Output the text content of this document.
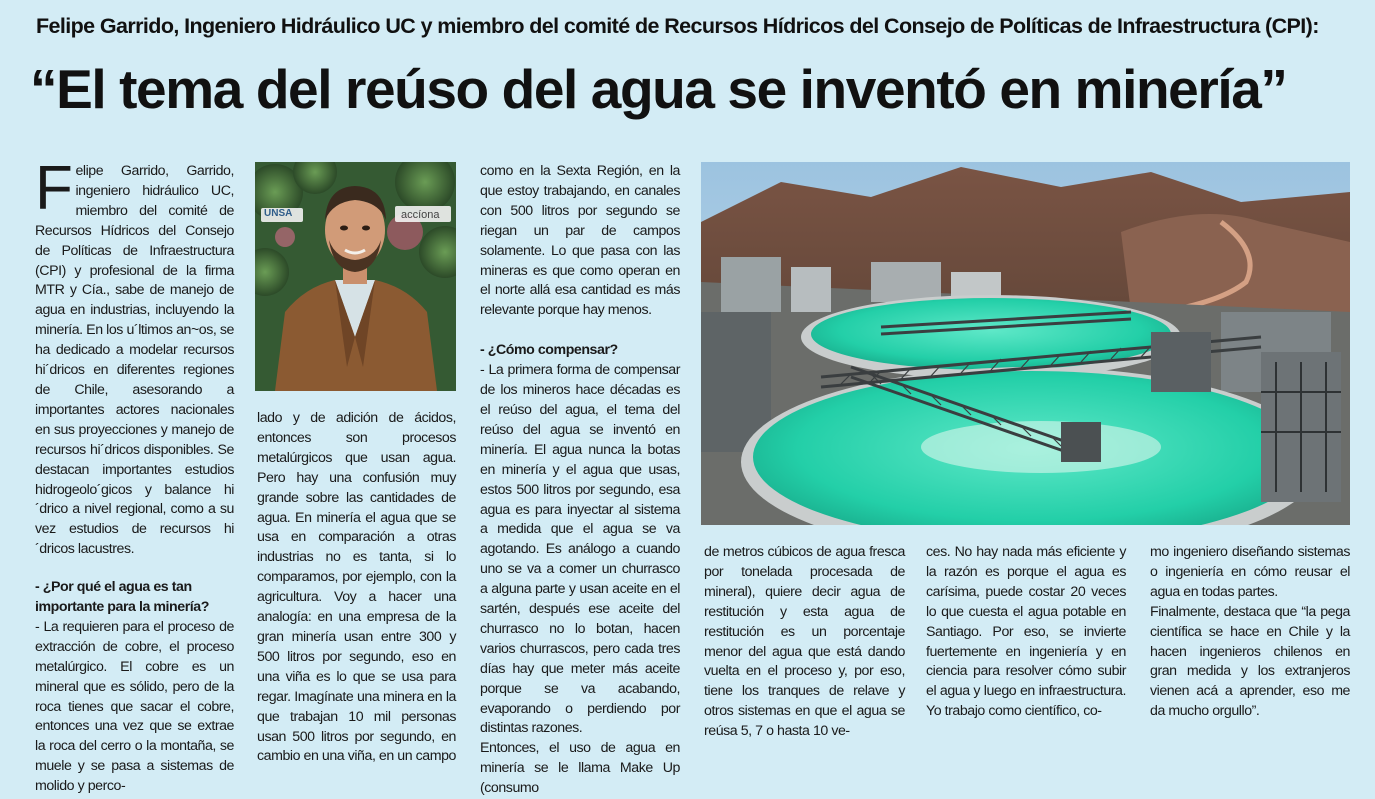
Felipe Garrido, Ingeniero Hidráulico UC y miembro del comité de Recursos Hídricos del Consejo de Políticas de Infraestructura (CPI):
“El tema del reúso del agua se inventó en minería”

Felipe Garrido, Garrido, ingeniero hidráulico UC, miembro del comité de Recursos Hídricos del Consejo de Políticas de Infraestructura (CPI) y profesional de la firma MTR y Cía., sabe de manejo de agua en industrias, incluyendo la minería. En los u´ltimos an~os, se ha dedicado a modelar recursos hi´dricos en diferentes regiones de Chile, asesorando a importantes actores nacionales en sus proyecciones y manejo de recursos hi´dricos disponibles. Se destacan importantes estudios hidrogeolo´gicos y balance hi´drico a nivel regional, como a su vez estudios de recursos hi´dricos lacustres.

- ¿Por qué el agua es tan importante para la minería?

- La requieren para el proceso de extracción de cobre, el proceso metalúrgico. El cobre es un mineral que es sólido, pero de la roca tienes que sacar el cobre, entonces una vez que se extrae la roca del cerro o la montaña, se muele y se pasa a sistemas de molido y perco-

UNSA	accíona

lado y de adición de ácidos, entonces son procesos metalúrgicos que usan agua. Pero hay una confusión muy grande sobre las cantidades de agua. En minería el agua que se usa en comparación a otras industrias no es tanta, si lo comparamos, por ejemplo, con la agricultura. Voy a hacer una analogía: en una empresa de la gran minería usan entre 300 y 500 litros por segundo, eso en una viña es lo que se usa para regar. Imagínate una minera en la que trabajan 10 mil personas usan 500 litros por segundo, en cambio en una viña, en un campo

como en la Sexta Región, en la que estoy trabajando, en canales con 500 litros por segundo se riegan un par de campos solamente. Lo que pasa con las mineras es que como operan en el norte allá esa cantidad es más relevante porque hay menos.

- ¿Cómo compensar?

- La primera forma de compensar de los mineros hace décadas es el reúso del agua, el tema del reúso del agua se inventó en minería. El agua nunca la botas en minería y el agua que usas, estos 500 litros por segundo, esa agua es para inyectar al sistema a medida que el agua se va agotando. Es análogo a cuando uno se va a comer un churrasco a alguna parte y usan aceite en el sartén, después ese aceite del churrasco no lo botan, hacen varios churrascos, pero cada tres días hay que meter más aceite porque se va acabando, evaporando o perdiendo por distintas razones.

Entonces, el uso de agua en minería se le llama Make Up (consumo

de metros cúbicos de agua fresca por tonelada procesada de mineral), quiere decir agua de restitución y esta agua de restitución es un porcentaje menor del agua que está dando vuelta en el proceso y, por eso, tiene los tranques de relave y otros sistemas en que el agua se reúsa 5, 7 o hasta 10 ve-

ces. No hay nada más eficiente y la razón es porque el agua es carísima, puede costar 20 veces lo que cuesta el agua potable en Santiago. Por eso, se invierte fuertemente en ingeniería y en ciencia para resolver cómo subir el agua y luego en infraestructura. Yo trabajo como científico, co-

mo ingeniero diseñando sistemas o ingeniería en cómo reusar el agua en todas partes.

Finalmente, destaca que “la pega científica se hace en Chile y la hacen ingenieros chilenos en gran medida y los extranjeros vienen acá a aprender, eso me da mucho orgullo”.
